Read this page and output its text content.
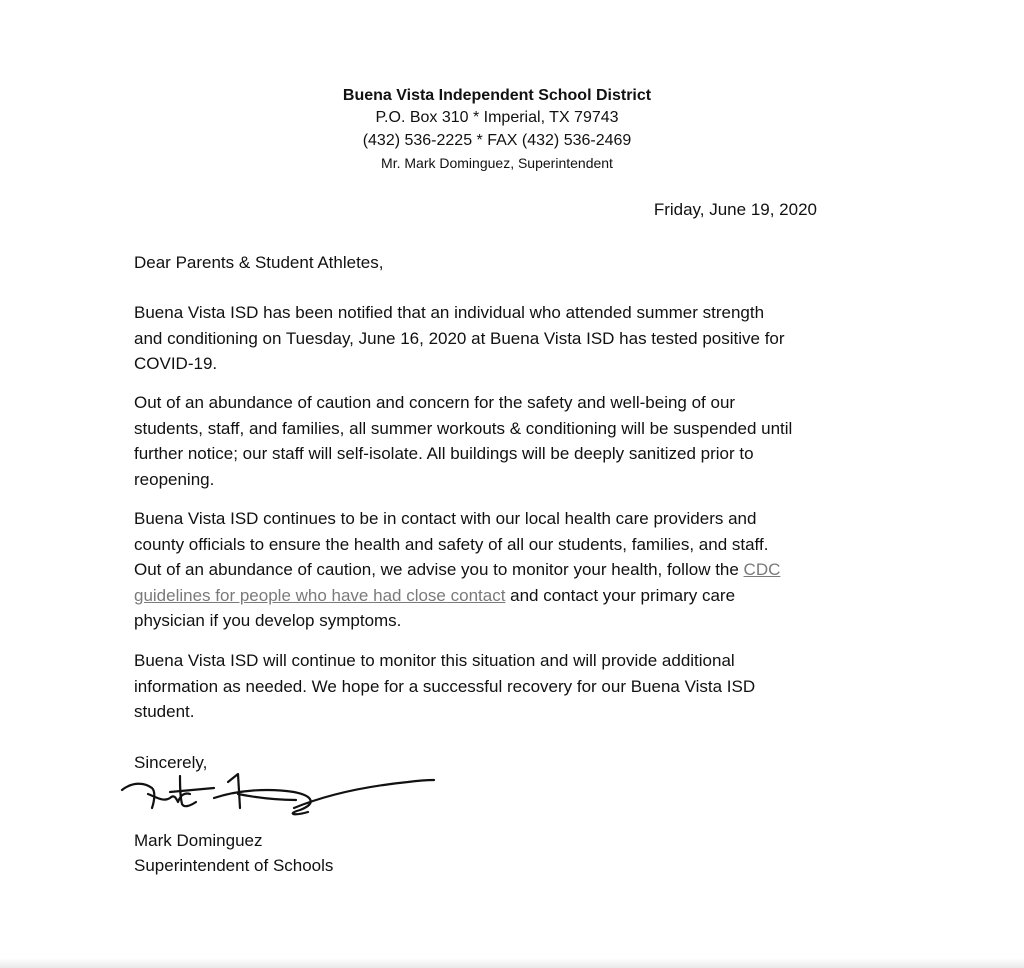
Buena Vista Independent School District
P.O. Box 310 * Imperial, TX 79743
(432) 536-2225 * FAX (432) 536-2469
Mr. Mark Dominguez, Superintendent
Friday, June 19, 2020
Dear Parents & Student Athletes,
Buena Vista ISD has been notified that an individual who attended summer strength
and conditioning on Tuesday, June 16, 2020 at Buena Vista ISD has tested positive for
COVID-19.
Out of an abundance of caution and concern for the safety and well-being of our
students, staff, and families, all summer workouts & conditioning will be suspended until
further notice; our staff will self-isolate. All buildings will be deeply sanitized prior to
reopening.
Buena Vista ISD continues to be in contact with our local health care providers and
county officials to ensure the health and safety of all our students, families, and staff.
Out of an abundance of caution, we advise you to monitor your health, follow the CDC
guidelines for people who have had close contact and contact your primary care
physician if you develop symptoms.
Buena Vista ISD will continue to monitor this situation and will provide additional
information as needed. We hope for a successful recovery for our Buena Vista ISD
student.
Sincerely,
Mark Dominguez
Superintendent of Schools
